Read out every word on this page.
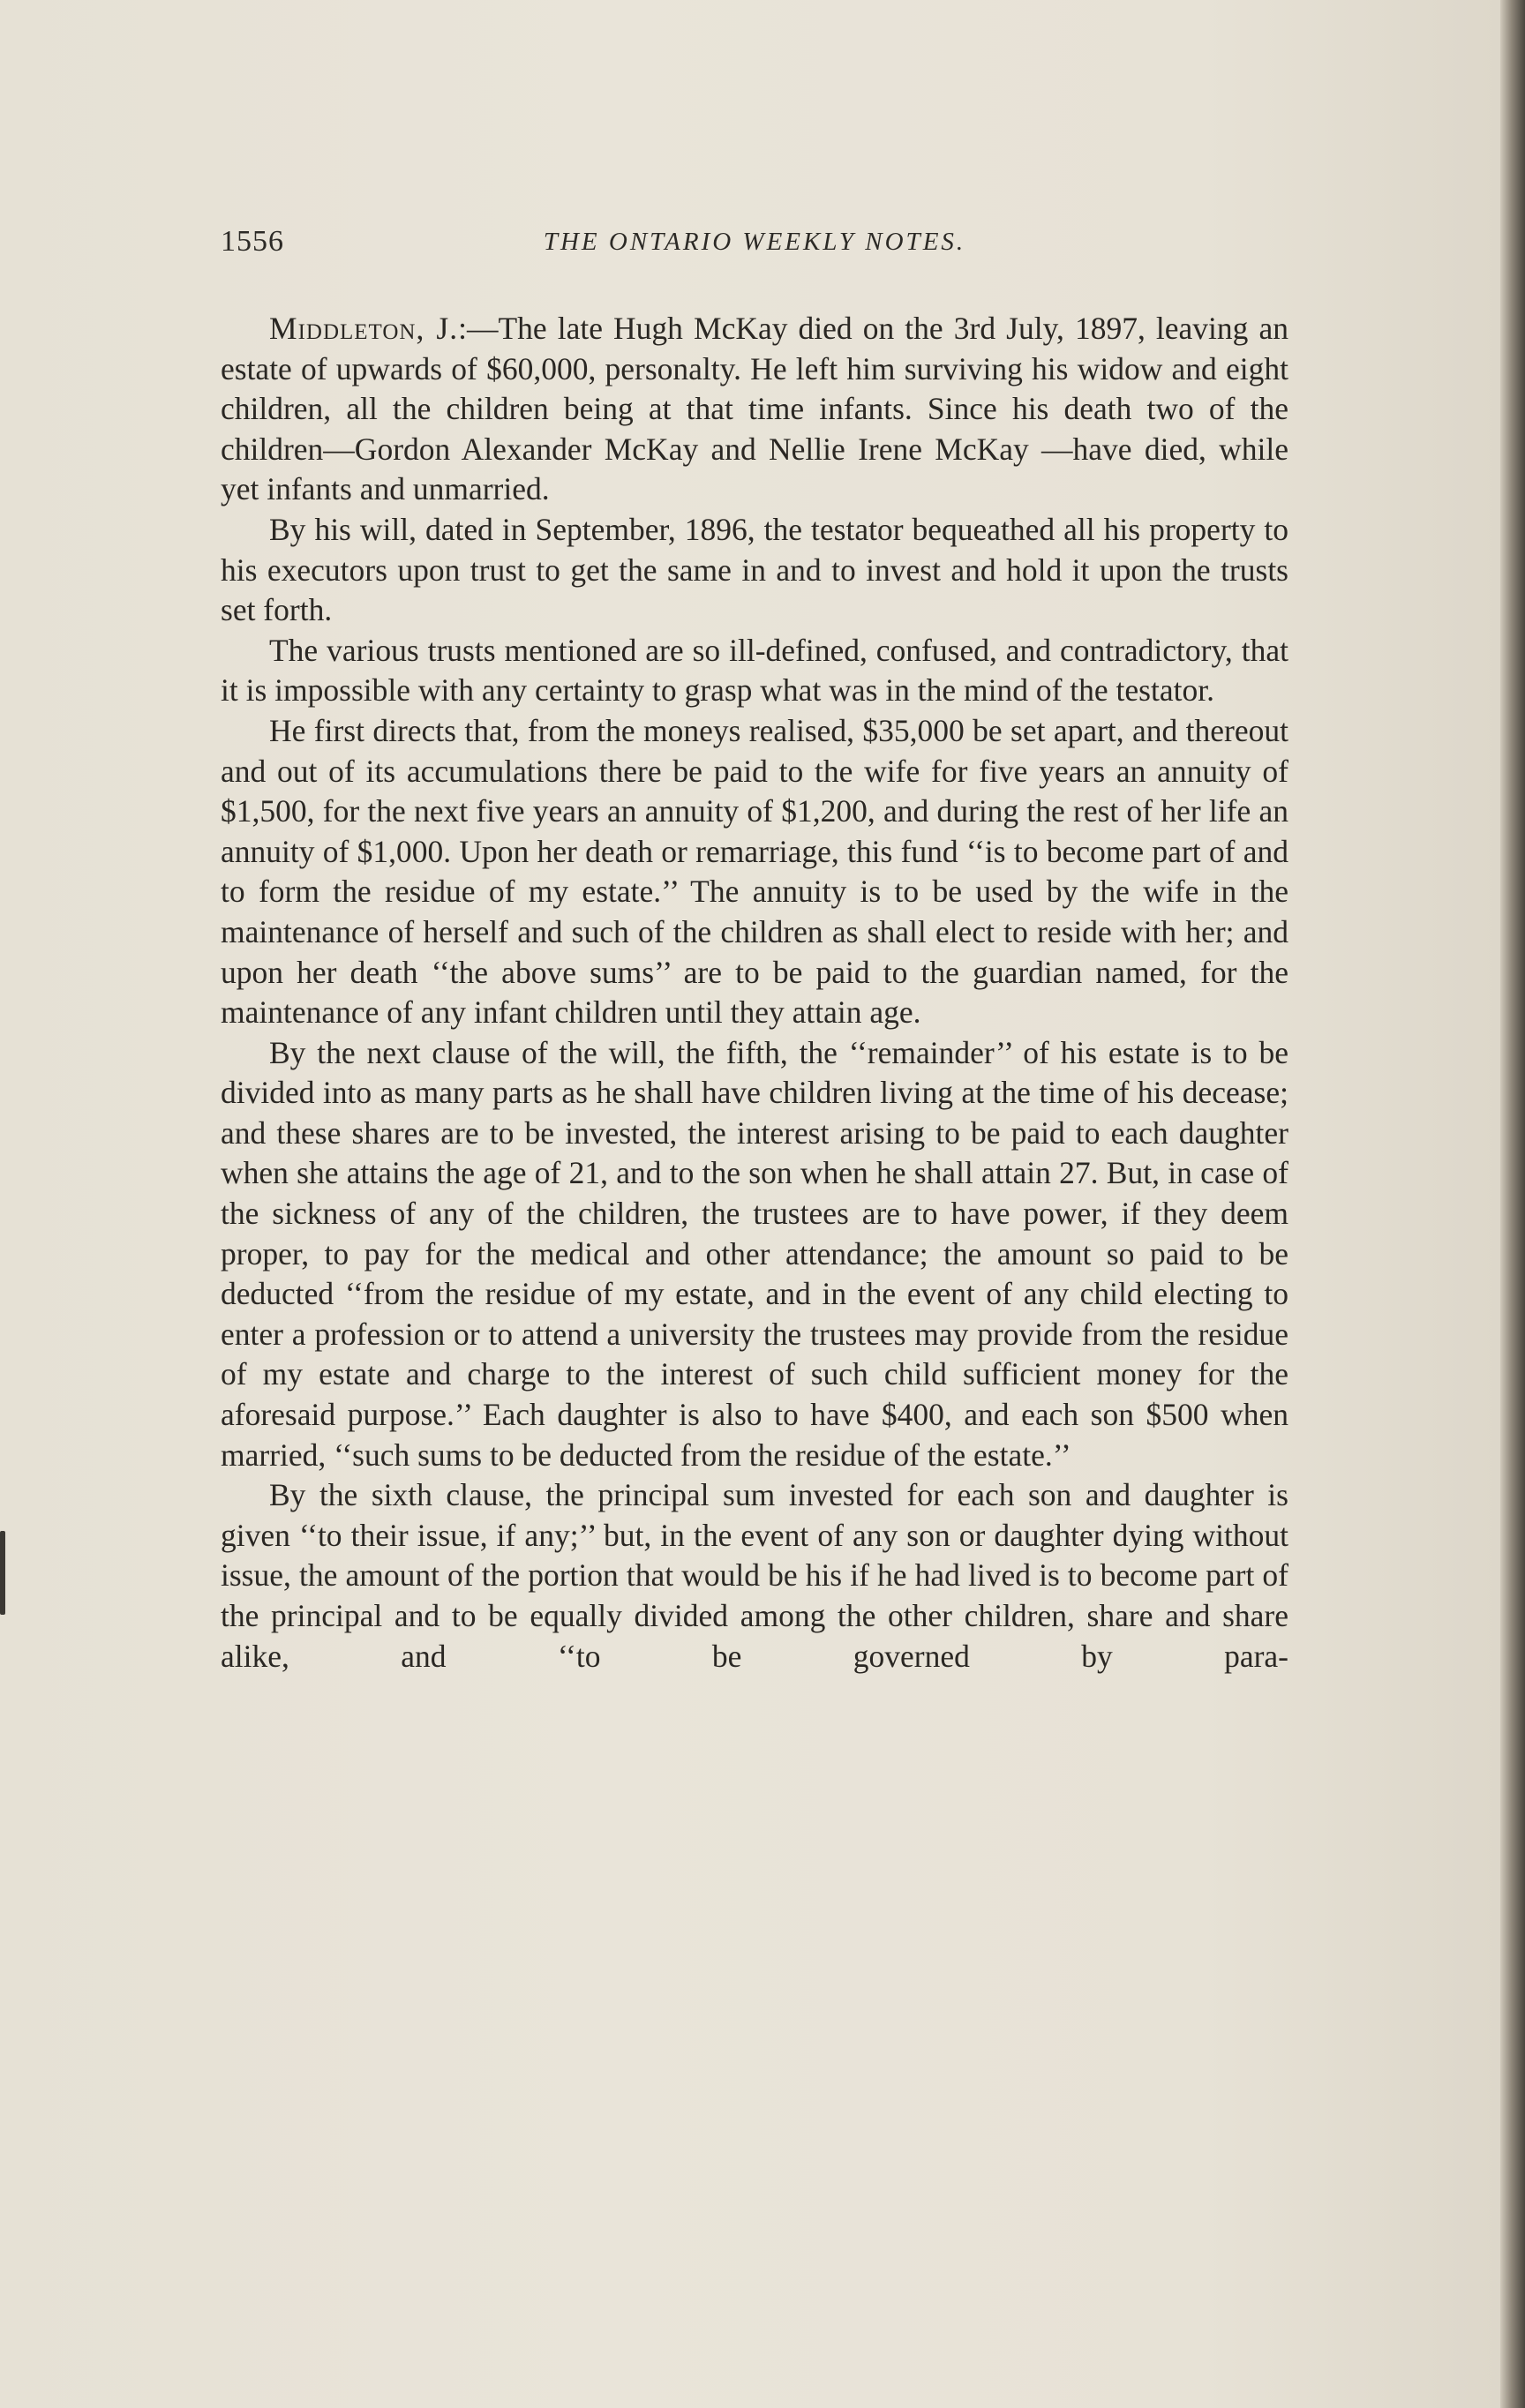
1556	THE ONTARIO WEEKLY NOTES.

Middleton, J.:—The late Hugh McKay died on the 3rd July, 1897, leaving an estate of upwards of $60,000, personalty. He left him surviving his widow and eight children, all the children being at that time infants. Since his death two of the children—Gordon Alexander McKay and Nellie Irene McKay —have died, while yet infants and unmarried.

By his will, dated in September, 1896, the testator bequeathed all his property to his executors upon trust to get the same in and to invest and hold it upon the trusts set forth.

The various trusts mentioned are so ill-defined, confused, and contradictory, that it is impossible with any certainty to grasp what was in the mind of the testator.

He first directs that, from the moneys realised, $35,000 be set apart, and thereout and out of its accumulations there be paid to the wife for five years an annuity of $1,500, for the next five years an annuity of $1,200, and during the rest of her life an annuity of $1,000. Upon her death or remarriage, this fund ‘‘is to become part of and to form the residue of my estate.’’ The annuity is to be used by the wife in the maintenance of herself and such of the children as shall elect to reside with her; and upon her death ‘‘the above sums’’ are to be paid to the guardian named, for the maintenance of any infant children until they attain age.

By the next clause of the will, the fifth, the ‘‘remainder’’ of his estate is to be divided into as many parts as he shall have children living at the time of his decease; and these shares are to be invested, the interest arising to be paid to each daughter when she attains the age of 21, and to the son when he shall attain 27. But, in case of the sickness of any of the children, the trustees are to have power, if they deem proper, to pay for the medical and other attendance; the amount so paid to be deducted ‘‘from the residue of my estate, and in the event of any child electing to enter a profession or to attend a university the trustees may provide from the residue of my estate and charge to the interest of such child sufficient money for the aforesaid purpose.’’ Each daughter is also to have $400, and each son $500 when married, ‘‘such sums to be deducted from the residue of the estate.’’

By the sixth clause, the principal sum invested for each son and daughter is given ‘‘to their issue, if any;’’ but, in the event of any son or daughter dying without issue, the amount of the portion that would be his if he had lived is to become part of the principal and to be equally divided among the other children, share and share alike, and ‘‘to be governed by para-
